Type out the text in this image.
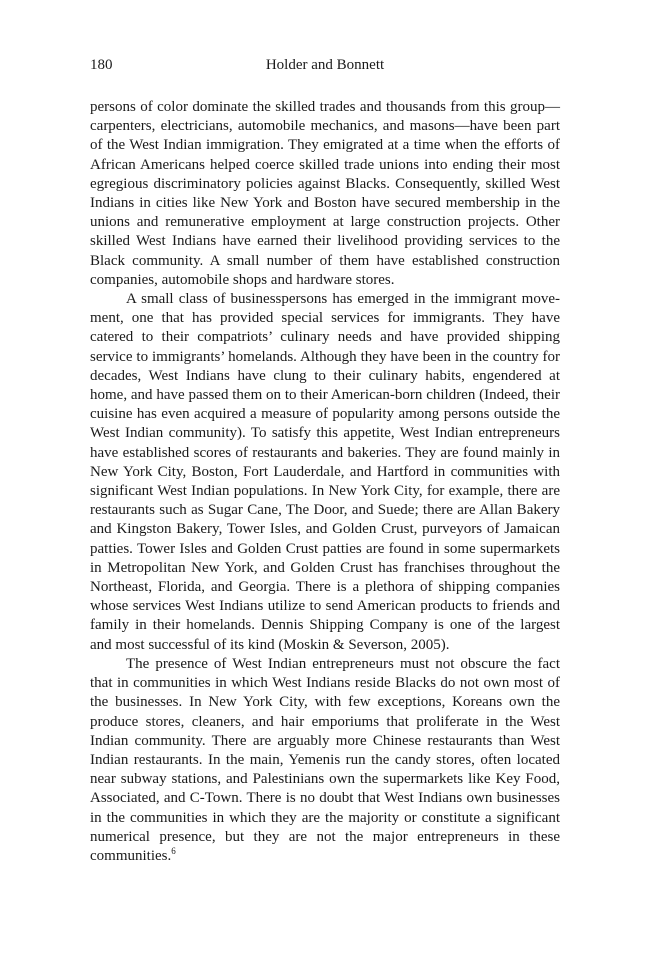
180	Holder and Bonnett

persons of color dominate the skilled trades and thousands from this group—carpenters, electricians, automobile mechanics, and masons—have been part of the West Indian immigration. They emigrated at a time when the efforts of African Americans helped coerce skilled trade unions into ending their most egregious discriminatory policies against Blacks. Consequently, skilled West Indians in cities like New York and Boston have secured membership in the unions and remunerative employment at large construction projects. Other skilled West Indians have earned their livelihood providing services to the Black community. A small number of them have established construction companies, automobile shops and hardware stores.

A small class of businesspersons has emerged in the immigrant movement, one that has provided special services for immigrants. They have catered to their compatriots’ culinary needs and have provided shipping service to immigrants’ homelands. Although they have been in the country for decades, West Indians have clung to their culinary habits, engendered at home, and have passed them on to their American-born children (Indeed, their cuisine has even acquired a measure of popularity among persons outside the West Indian community). To satisfy this appetite, West Indian entrepreneurs have established scores of restaurants and bakeries. They are found mainly in New York City, Boston, Fort Lauderdale, and Hartford in communities with significant West Indian populations. In New York City, for example, there are restaurants such as Sugar Cane, The Door, and Suede; there are Allan Bakery and Kingston Bakery, Tower Isles, and Golden Crust, purveyors of Jamaican patties. Tower Isles and Golden Crust patties are found in some supermarkets in Metropolitan New York, and Golden Crust has franchises throughout the Northeast, Florida, and Georgia. There is a plethora of shipping companies whose services West Indians utilize to send American products to friends and family in their homelands. Dennis Shipping Company is one of the largest and most successful of its kind (Moskin & Severson, 2005).

The presence of West Indian entrepreneurs must not obscure the fact that in communities in which West Indians reside Blacks do not own most of the businesses. In New York City, with few exceptions, Koreans own the produce stores, cleaners, and hair emporiums that proliferate in the West Indian community. There are arguably more Chinese restaurants than West Indian restaurants. In the main, Yemenis run the candy stores, often located near subway stations, and Palestinians own the supermarkets like Key Food, Associated, and C-Town. There is no doubt that West Indians own businesses in the communities in which they are the majority or constitute a significant numerical presence, but they are not the major entrepreneurs in these communities.$^6$
